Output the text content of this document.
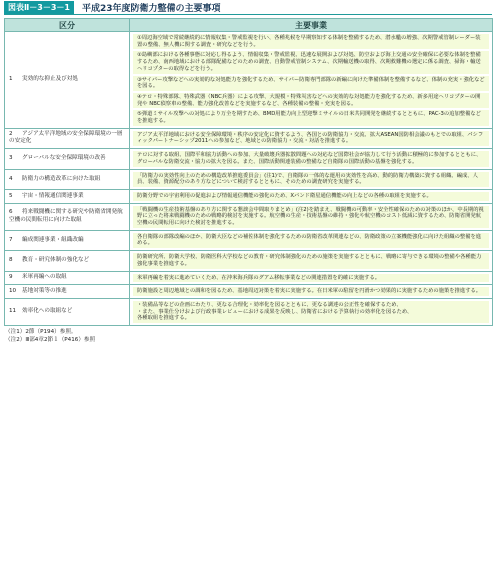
図表Ⅱ－3－3－1	平成23年度防衛力整備の主要事項
区分	主要事業
1 実効的な抑止及び対処	①周辺海空域で常続継続的に情報収集・警戒監視を行い、各種兆候を早期察知する体制を整備するため、潜水艦の増強、次期警戒管制レーダー装置の整備、無人機に関する調査・研究などを行う。
②島嶼部における各種事態に対応し得るよう、情報収集・警戒監視、迅速な展開および対処、防空および海上交通の安全確保に必要な体制を整備するため、南西地域における部隊配備などのための調査、自動警戒管制システム、次期輸送機の取得、次期救難機の選定に係る調査、掃海・輸送ヘリコプターの取得などを行う。
③サイバー攻撃などへの実効的な対処能力を強化するため、サイバー防衛専門部隊の新編に向けた準備体制を整備するなど、体制の充実・強化などを図る。
④テロ・特殊部隊、特殊武器（NBC兵器）による攻撃、大規模・特殊災害などへの実効的な対処能力を強化するため、新多用途ヘリコプターの開発や NBC偵察車の整備、能力強化改善などを実施するなど、各種装備の整備・充実を図る。
⑤弾道ミサイル攻撃への対処により万全を期すため、BMD用能力向上型迎撃ミサイルの日米共同開発を継続するとともに、PAC-3の追加整備などを推進する。

2 アジア太平洋地域の安全保障環境の一層の安定化	アジア太平洋地域における安全保障環境・秩序の安定化に資するよう、各国との防衛協力・交流、拡大ASEAN国防相会議のもとでの取組、パシフィックパートナーシップ2011への参加など、地域との防衛協力・交流・対話を推進する。

3 グローバルな安全保障環境の改善	テロに対する取組、国際平和協力活動への参加、大量破壊兵器拡散問題への対応など国際社会が協力して行う活動に積極的に参加するとともに、グローバルな防衛交流・協力の拡大を図る。また、国際活動関連装備の整備など自衛隊の国際活動の基盤を強化する。

4 防衛力の構造改革に向けた取組	「防衛力の実効性向上のための構造改革推進委員会」(注1)で、自衛隊の一体的な運用の実効性を高め、動的防衛力構築に資する組織、編成、人員、装備、資源配分のあり方などについて検討するとともに、そのための調査研究を実施する。

5 宇宙・情報通信関連事業	防衛分野での宇宙利用の促進および情報通信機能の強化のため、Xバンド衛星通信機能の向上などの各種の取組を実施する。

6 将来戦闘機に関する研究や防衛省開発航空機の民間転用に向けた取組	「戦闘機の生産技術基盤のあり方に関する懇談会中間取りまとめ」(注2)を踏まえ、戦闘機の可動率・安全性確保のための対策のほか、中長期的視野に立った将来戦闘機のための戦略的検討を実施する。航空機の生産・技術基盤の維持・強化や航空機のコスト低減に資するため、防衛省開発航空機の民間転用に向けた検討を推進する。

7 編成関連事業・組織改編	各自衛隊の部隊改編のほか、防衛大臣などの補佐体制を強化するための防衛省改革関連などの、防衛政策の立案機能強化に向けた組織の整備を進める。

8 教育・研究体制の強化など	防衛研究所、防衛大学校、防衛医科大学校などの教育・研究体制強化のための施策を実施するとともに、戦略に寄与できる環境の整備や各種能力強化事業を推進する。

9 米軍再編への取組	米軍再編を着実に進めていくため、在沖米海兵隊のグアム移転事業などの関連措置を的確に実施する。

10 基地対策等の推進	防衛施設と周辺地域との調和を図るため、基地周辺対策を着実に実施する。在日米軍の駐留を円滑かつ効果的に実施するための施策を推進する。

11 効率化への取組など	・装備品等などの企画にわたり、更なる合理化・効率化を図るとともに、更なる調達の公正性を確保するため、
・また、事業仕分けおよび行政事業レビューにおける成果を反映し、防衛省における予算執行の効率化を図るため、
各種取組を推進する。
（注1）2節（P194）参照。
（注2）Ⅲ部4章2節１（P416）参照
